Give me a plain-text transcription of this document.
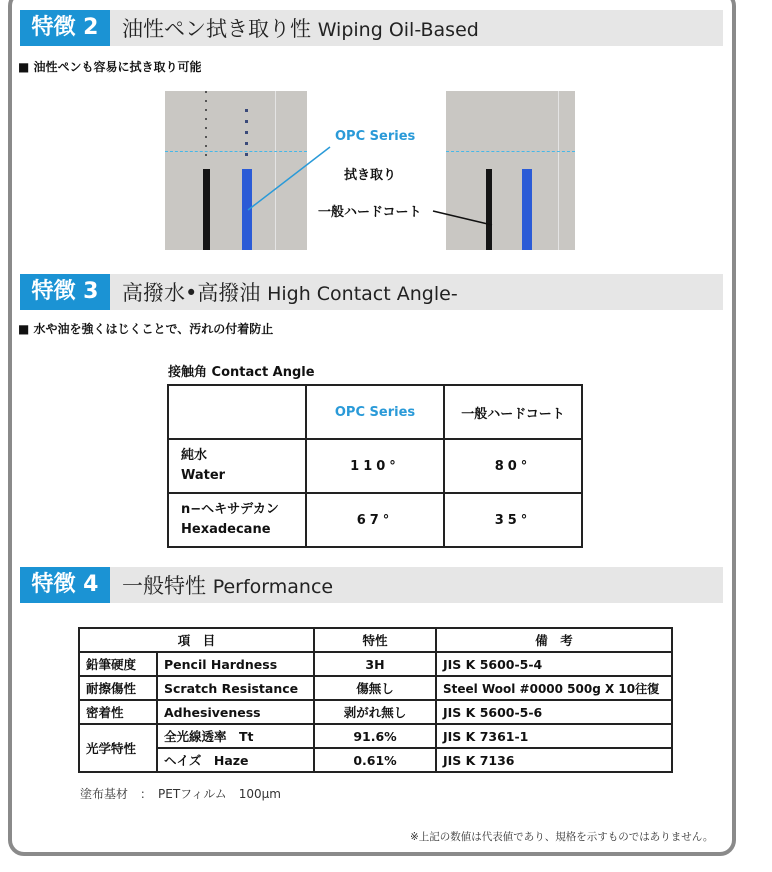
特徴 2	油性ペン拭き取り性 Wiping Oil-Based
■ 油性ペンも容易に拭き取り可能
OPC Series
拭き取り
一般ハードコート
特徴 3	高撥水•高撥油 High Contact Angle-
■ 水や油を強くはじくことで、汚れの付着防止
接触角 Contact Angle
	OPC Series	一般ハードコート

純水
Water	110°	80°

n−ヘキサデカン
Hexadecane	67°	35°
特徴 4	一般特性 Performance
項　目		特性	備　考
鉛筆硬度	Pencil Hardness	3H	JIS K 5600-5-4
耐擦傷性	Scratch Resistance	傷無し	Steel Wool #0000 500g X 10往復
密着性	Adhesiveness	剥がれ無し	JIS K 5600-5-6
光学特性	全光線透率　Tt	91.6%	JIS K 7361-1
	ヘイズ　Haze	0.61%	JIS K 7136
塗布基材　：　PETフィルム　100μm
※上記の数値は代表値であり、規格を示すものではありません。
